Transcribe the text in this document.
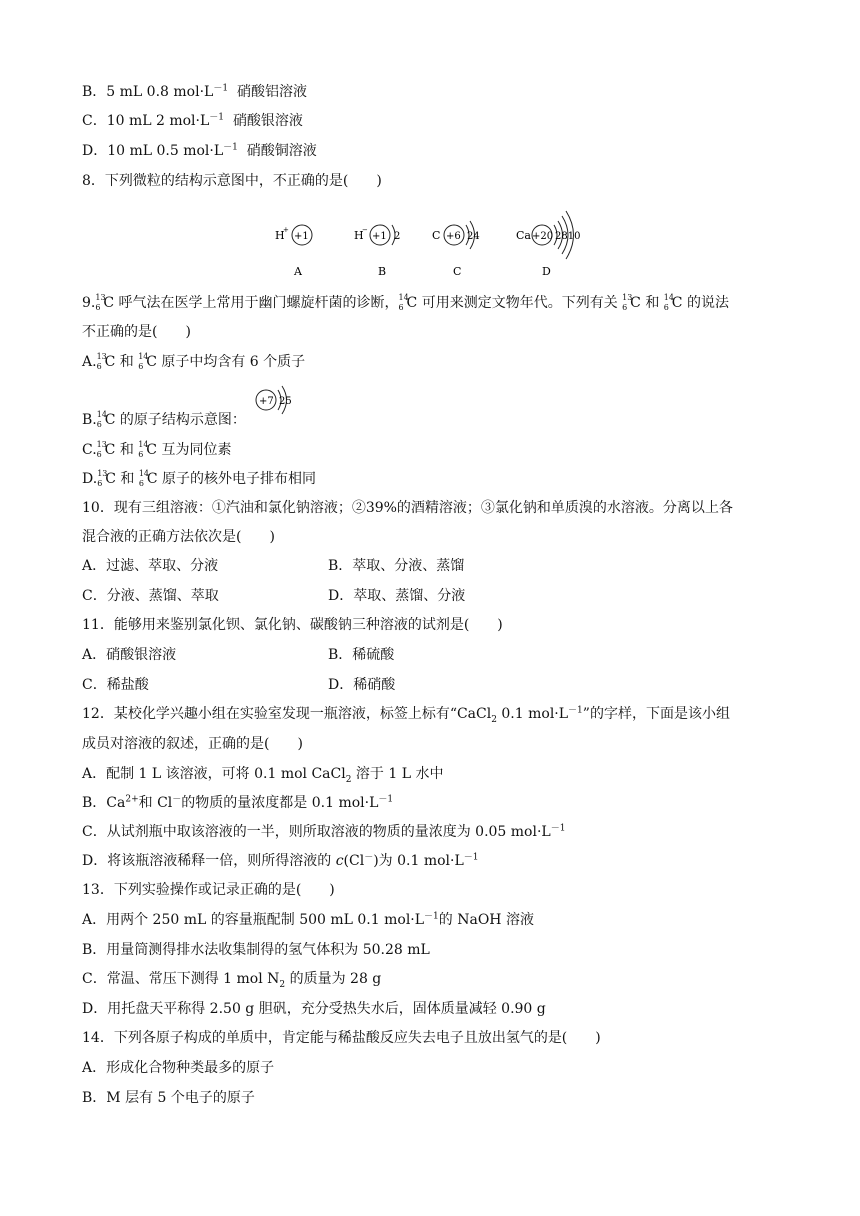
B．5 mL 0.8 $mol\cdot L^{-1}$ 硝酸铝溶液
C．10 mL 2 $mol\cdot L^{-1}$ 硝酸银溶液
D．10 mL 0.5 $mol\cdot L^{-1}$ 硝酸铜溶液
8．下列微粒的结构示意图中，不正确的是(　　)
H
+
+1
A
H
−
+1 2
B
C +6 24
C
Ca +20 2810
D
9. 13
6 C 呼气法在医学上常用于幽门螺旋杆菌的诊断， 14
6 C 可用来测定文物年代。下列有关 13
6 C 和 14
6 C 的说法
不正确的是(　　)
A. 13
6 C 和 14
6 C 原子中均含有 6 个质子
+7 25
B. 14
6 C 的原子结构示意图：
C. 13
6 C 和 14
6 C 互为同位素
D. 13
6 C 和 14
6 C 原子的核外电子排布相同
10．现有三组溶液：①汽油和氯化钠溶液；②39%的酒精溶液；③氯化钠和单质溴的水溶液。分离以上各
混合液的正确方法依次是(　　)
A．过滤、萃取、分液	B．萃取、分液、蒸馏
C．分液、蒸馏、萃取	D．萃取、蒸馏、分液
11．能够用来鉴别氯化钡、氯化钠、碳酸钠三种溶液的试剂是(　　)
A．硝酸银溶液	B．稀硫酸
C．稀盐酸	D．稀硝酸
12．某校化学兴趣小组在实验室发现一瓶溶液，标签上标有“CaCl$_2$ 0.1 $mol\cdot L^{-1}$”的字样，下面是该小组
成员对溶液的叙述，正确的是(　　)
A．配制 1 L 该溶液，可将 0.1 mol CaCl$_2$ 溶于 1 L 水中
B．$Ca^{2+}$和 Cl－的物质的量浓度都是 0.1 $mol\cdot L^{-1}$
C．从试剂瓶中取该溶液的一半，则所取溶液的物质的量浓度为 0.05 $mol\cdot L^{-1}$
D．将该瓶溶液稀释一倍，则所得溶液的 c(Cl－)为 0.1 $mol\cdot L^{-1}$
13．下列实验操作或记录正确的是(　　)
A．用两个 250 mL 的容量瓶配制 500 mL 0.1 $mol\cdot L^{-1}$的 NaOH 溶液
B．用量筒测得排水法收集制得的氢气体积为 50.28 mL
C．常温、常压下测得 1 mol $N_2$ 的质量为 28 g
D．用托盘天平称得 2.50 g 胆矾，充分受热失水后，固体质量减轻 0.90 g
14．下列各原子构成的单质中，肯定能与稀盐酸反应失去电子且放出氢气的是(　　)
A．形成化合物种类最多的原子
B．M 层有 5 个电子的原子
